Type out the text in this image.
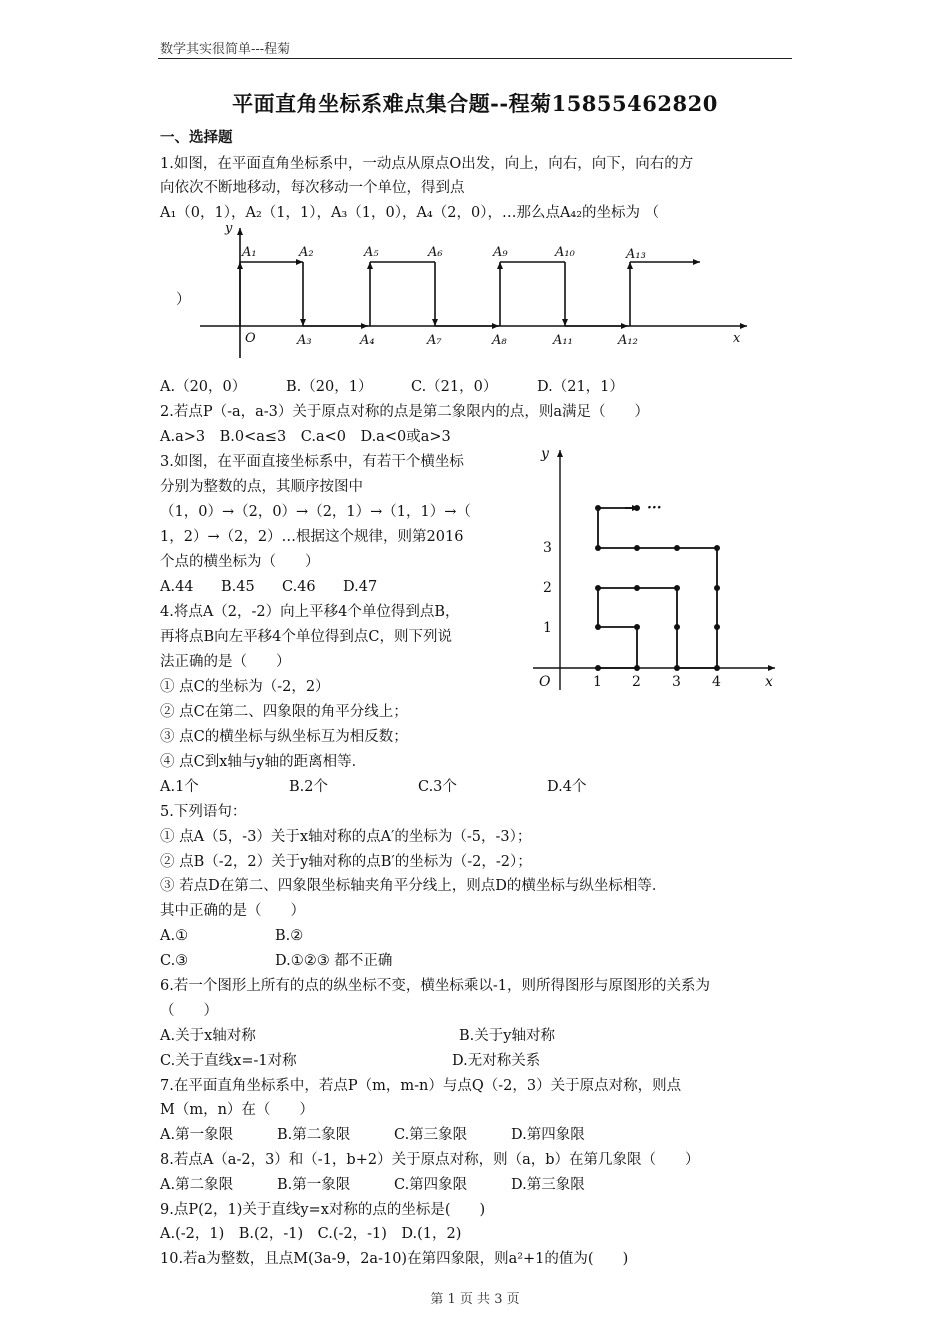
数学其实很简单---程菊
平面直角坐标系难点集合题--程菊15855462820
一、选择题
1.如图，在平面直角坐标系中，一动点从原点O出发，向上，向右，向下，向右的方
向依次不断地移动，每次移动一个单位，得到点
A₁（0，1），A₂（1，1），A₃（1，0），A₄（2，0），…那么点A₄₂的坐标为 （
）
y
x
O
A₁	A₂	A₅	A₆	A₉	A₁₀	A₁₃
A₃	A₄	A₇	A₈	A₁₁	A₁₂
A.（20，0）	B.（20，1）	C.（21，0）	D.（21，1）
2.若点P（-a，a-3）关于原点对称的点是第二象限内的点，则a满足（　　）
A.a>3　B.0<a≤3　C.a<0　D.a<0或a>3
3.如图，在平面直接坐标系中，有若干个横坐标
分别为整数的点，其顺序按图中
（1，0）→（2，0）→（2，1）→（1，1）→（
1，2）→（2，2）…根据这个规律，则第2016
个点的横坐标为（　　）
A.44 B.45 C.46 D.47
y
x
O
···
1 2 3 4
1
2
3
4.将点A（2，-2）向上平移4个单位得到点B，
再将点B向左平移4个单位得到点C，则下列说
法正确的是（　　）
① 点C的坐标为（-2，2）
② 点C在第二、四象限的角平分线上；
③ 点C的横坐标与纵坐标互为相反数；
④ 点C到x轴与y轴的距离相等．
A.1个	B.2个	C.3个	D.4个
5.下列语句：
① 点A（5，-3）关于x轴对称的点A′的坐标为（-5，-3）；
② 点B（-2，2）关于y轴对称的点B′的坐标为（-2，-2）；
③ 若点D在第二、四象限坐标轴夹角平分线上，则点D的横坐标与纵坐标相等．
其中正确的是（　　）
A.①	B.②
C.③	D.①②③ 都不正确
6.若一个图形上所有的点的纵坐标不变，横坐标乘以-1，则所得图形与原图形的关系为
（　　）
A.关于x轴对称	B.关于y轴对称
C.关于直线x=-1对称	D.无对称关系
7.在平面直角坐标系中，若点P（m，m-n）与点Q（-2，3）关于原点对称，则点
M（m，n）在（　　）
A.第一象限	B.第二象限	C.第三象限	D.第四象限
8.若点A（a-2，3）和（-1，b+2）关于原点对称，则（a，b）在第几象限（　　）
A.第二象限	B.第一象限	C.第四象限	D.第三象限
9.点P(2，1)关于直线y=x对称的点的坐标是(　　)
A.(-2，1)　B.(2，-1)　C.(-2，-1)　D.(1，2)
10.若a为整数，且点M(3a-9，2a-10)在第四象限，则a²+1的值为(　　)
第 1 页 共 3 页
